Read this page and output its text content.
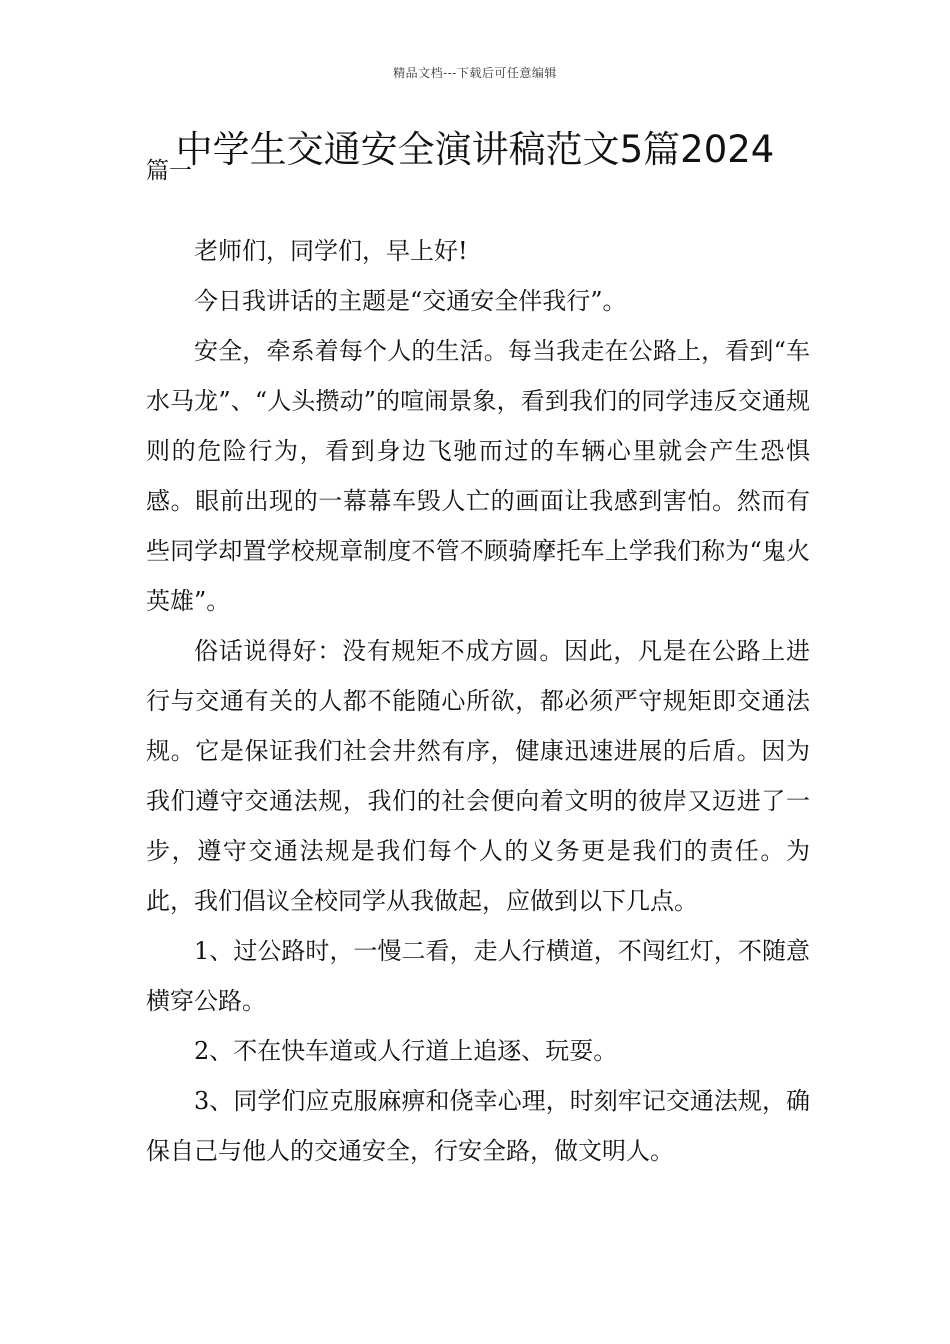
精品文档---下载后可任意编辑
中学生交通安全演讲稿范文5篇2024
篇一

老师们，同学们，早上好!

今日我讲话的主题是“交通安全伴我行”。

安全，牵系着每个人的生活。每当我走在公路上，看到“车水马龙”、“人头攒动”的喧闹景象，看到我们的同学违反交通规则的危险行为，看到身边飞驰而过的车辆心里就会产生恐惧感。眼前出现的一幕幕车毁人亡的画面让我感到害怕。然而有些同学却置学校规章制度不管不顾骑摩托车上学我们称为“鬼火英雄”。

俗话说得好：没有规矩不成方圆。因此，凡是在公路上进行与交通有关的人都不能随心所欲，都必须严守规矩即交通法规。它是保证我们社会井然有序，健康迅速进展的后盾。因为我们遵守交通法规，我们的社会便向着文明的彼岸又迈进了一步，遵守交通法规是我们每个人的义务更是我们的责任。为此，我们倡议全校同学从我做起，应做到以下几点。

1、过公路时，一慢二看，走人行横道，不闯红灯，不随意横穿公路。

2、不在快车道或人行道上追逐、玩耍。

3、同学们应克服麻痹和侥幸心理，时刻牢记交通法规，确保自己与他人的交通安全，行安全路，做文明人。
